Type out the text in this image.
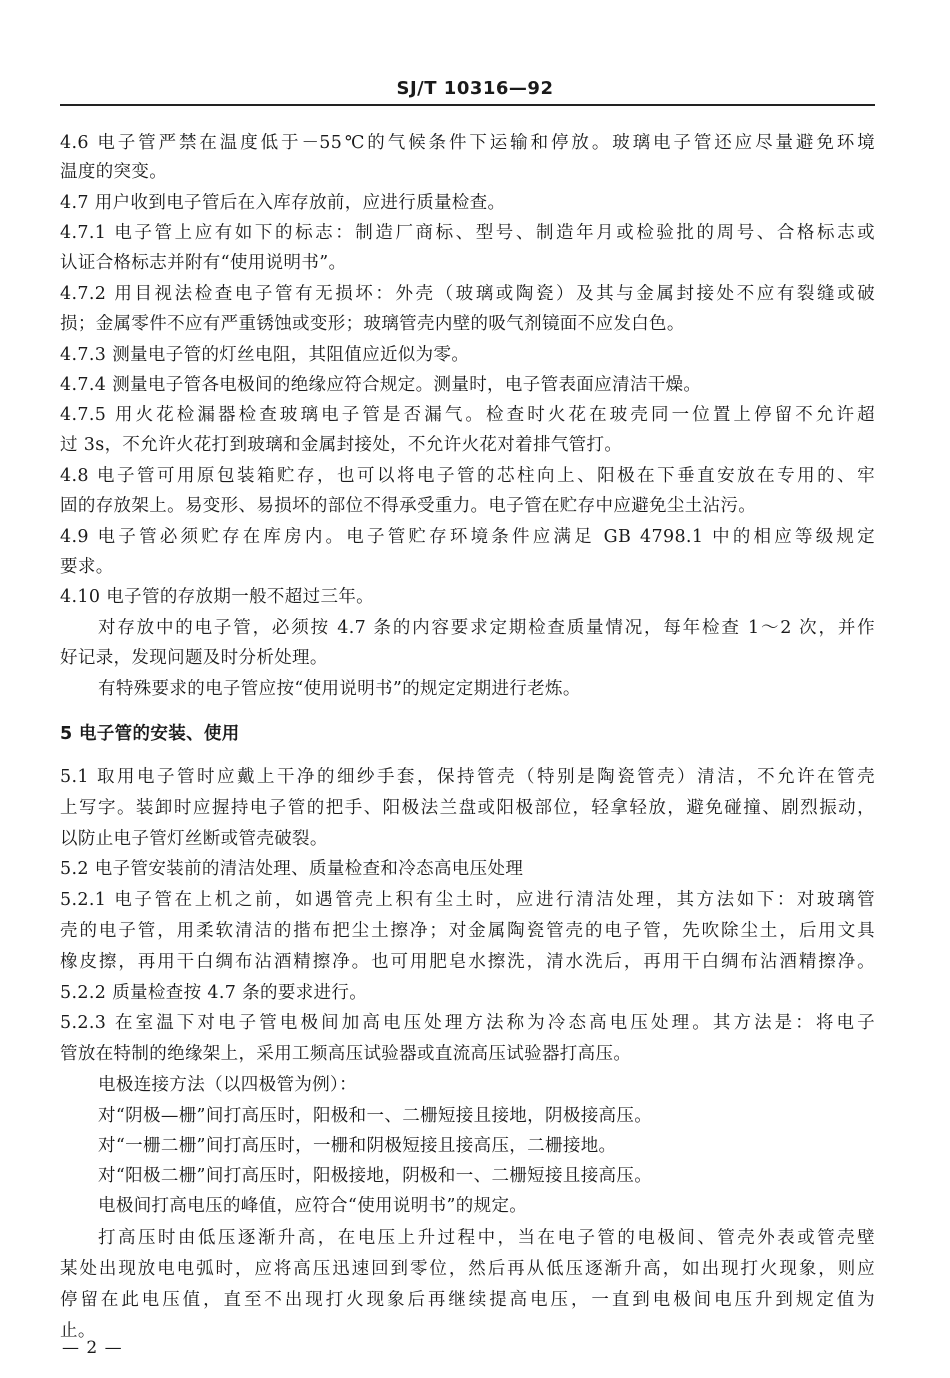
SJ/T 10316—92
4.6 电子管严禁在温度低于－55℃的气候条件下运输和停放。玻璃电子管还应尽量避免环境
温度的突变。
4.7 用户收到电子管后在入库存放前，应进行质量检查。
4.7.1 电子管上应有如下的标志：制造厂商标、型号、制造年月或检验批的周号、合格标志或
认证合格标志并附有“使用说明书”。
4.7.2 用目视法检查电子管有无损坏：外壳（玻璃或陶瓷）及其与金属封接处不应有裂缝或破
损；金属零件不应有严重锈蚀或变形；玻璃管壳内壁的吸气剂镜面不应发白色。
4.7.3 测量电子管的灯丝电阻，其阻值应近似为零。
4.7.4 测量电子管各电极间的绝缘应符合规定。测量时，电子管表面应清洁干燥。
4.7.5 用火花检漏器检查玻璃电子管是否漏气。检查时火花在玻壳同一位置上停留不允许超
过 3s，不允许火花打到玻璃和金属封接处，不允许火花对着排气管打。
4.8 电子管可用原包装箱贮存，也可以将电子管的芯柱向上、阳极在下垂直安放在专用的、牢
固的存放架上。易变形、易损坏的部位不得承受重力。电子管在贮存中应避免尘土沾污。
4.9 电子管必须贮存在库房内。电子管贮存环境条件应满足 GB 4798.1 中的相应等级规定
要求。
4.10 电子管的存放期一般不超过三年。
对存放中的电子管，必须按 4.7 条的内容要求定期检查质量情况，每年检查 1～2 次，并作
好记录，发现问题及时分析处理。
有特殊要求的电子管应按“使用说明书”的规定定期进行老炼。
5 电子管的安装、使用
5.1 取用电子管时应戴上干净的细纱手套，保持管壳（特别是陶瓷管壳）清洁，不允许在管壳
上写字。装卸时应握持电子管的把手、阳极法兰盘或阳极部位，轻拿轻放，避免碰撞、剧烈振动，
以防止电子管灯丝断或管壳破裂。
5.2 电子管安装前的清洁处理、质量检查和冷态高电压处理
5.2.1 电子管在上机之前，如遇管壳上积有尘土时，应进行清洁处理，其方法如下：对玻璃管
壳的电子管，用柔软清洁的揩布把尘土擦净；对金属陶瓷管壳的电子管，先吹除尘土，后用文具
橡皮擦，再用干白绸布沾酒精擦净。也可用肥皂水擦洗，清水洗后，再用干白绸布沾酒精擦净。
5.2.2 质量检查按 4.7 条的要求进行。
5.2.3 在室温下对电子管电极间加高电压处理方法称为冷态高电压处理。其方法是：将电子
管放在特制的绝缘架上，采用工频高压试验器或直流高压试验器打高压。
电极连接方法（以四极管为例）：
对“阴极—栅”间打高压时，阳极和一、二栅短接且接地，阴极接高压。
对“一栅二栅”间打高压时，一栅和阴极短接且接高压，二栅接地。
对“阳极二栅”间打高压时，阳极接地，阴极和一、二栅短接且接高压。
电极间打高电压的峰值，应符合“使用说明书”的规定。
打高压时由低压逐渐升高，在电压上升过程中，当在电子管的电极间、管壳外表或管壳壁
某处出现放电电弧时，应将高压迅速回到零位，然后再从低压逐渐升高，如出现打火现象，则应
停留在此电压值，直至不出现打火现象后再继续提高电压，一直到电极间电压升到规定值为
止。
— 2 —
